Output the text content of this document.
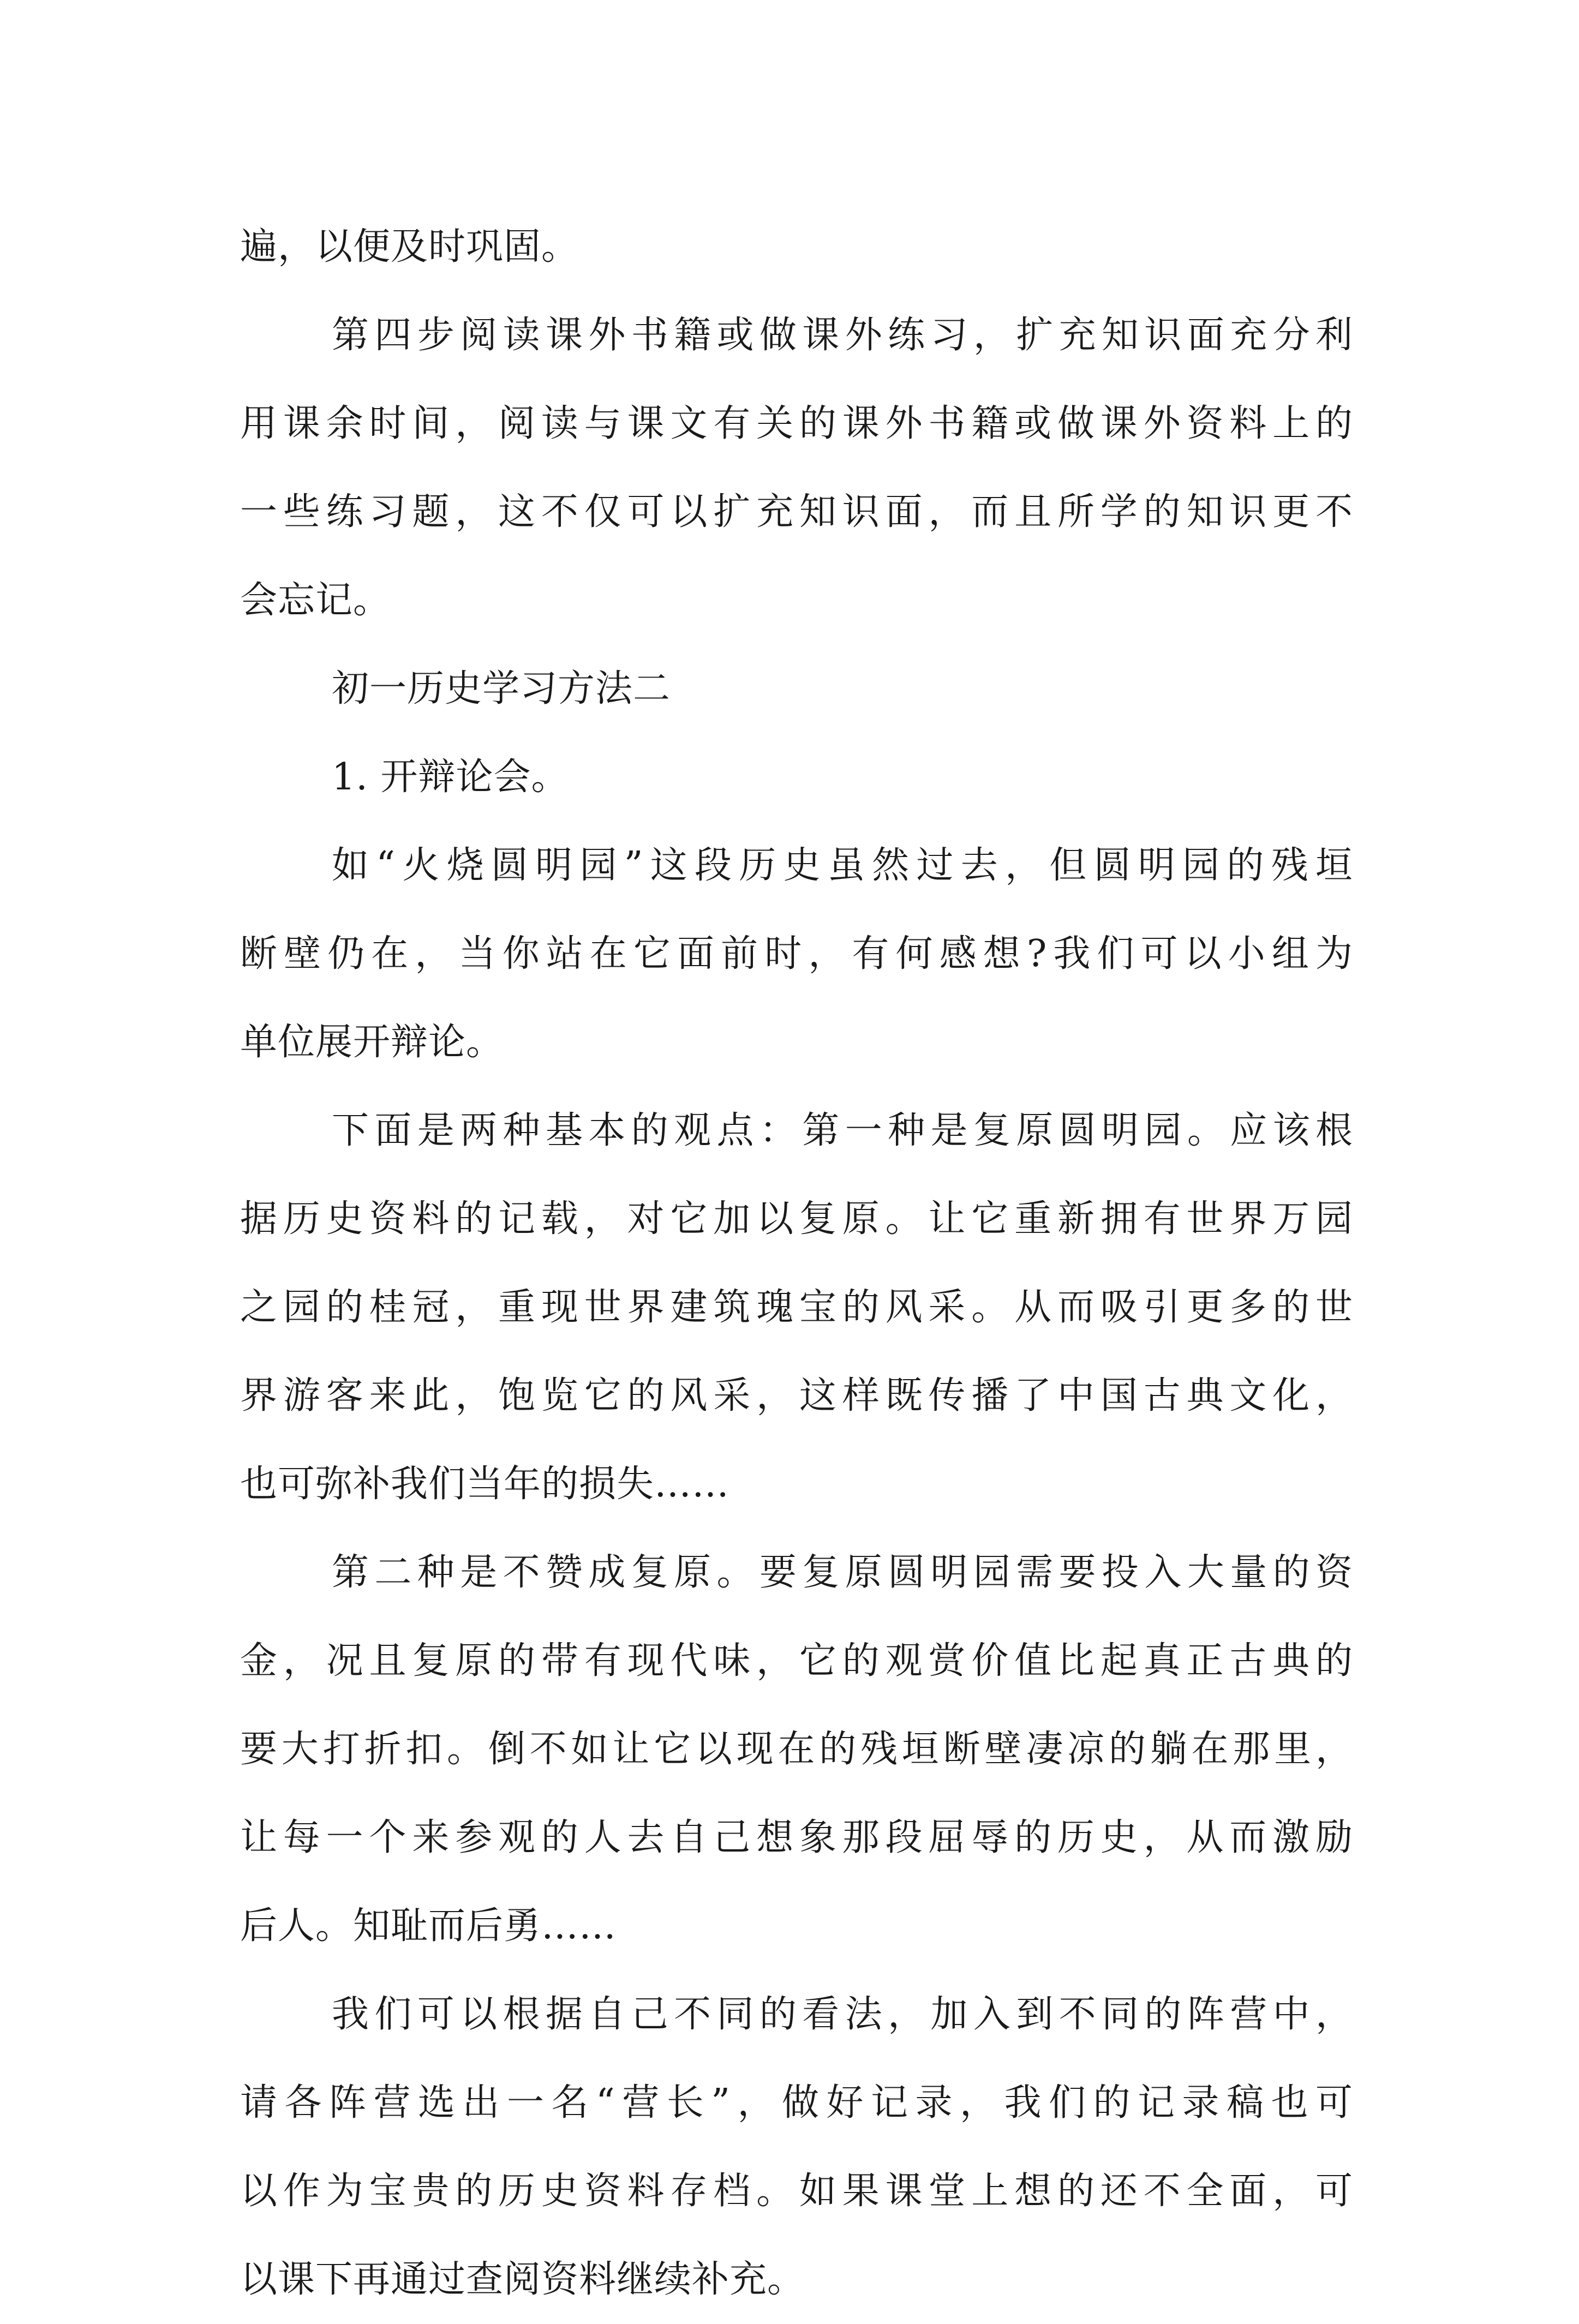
遍，以便及时巩固。
第四步阅读课外书籍或做课外练习，扩充知识面充分利
用课余时间，阅读与课文有关的课外书籍或做课外资料上的
一些练习题，这不仅可以扩充知识面，而且所学的知识更不
会忘记。
初一历史学习方法二
1. 开辩论会。
如“火烧圆明园”这段历史虽然过去，但圆明园的残垣
断壁仍在，当你站在它面前时，有何感想?我们可以小组为
单位展开辩论。
下面是两种基本的观点：第一种是复原圆明园。应该根
据历史资料的记载，对它加以复原。让它重新拥有世界万园
之园的桂冠，重现世界建筑瑰宝的风采。从而吸引更多的世
界游客来此，饱览它的风采，这样既传播了中国古典文化，
也可弥补我们当年的损失……
第二种是不赞成复原。要复原圆明园需要投入大量的资
金，况且复原的带有现代味，它的观赏价值比起真正古典的
要大打折扣。倒不如让它以现在的残垣断壁凄凉的躺在那里，
让每一个来参观的人去自己想象那段屈辱的历史，从而激励
后人。知耻而后勇……
我们可以根据自己不同的看法，加入到不同的阵营中，
请各阵营选出一名“营长”，做好记录，我们的记录稿也可
以作为宝贵的历史资料存档。如果课堂上想的还不全面，可
以课下再通过查阅资料继续补充。
